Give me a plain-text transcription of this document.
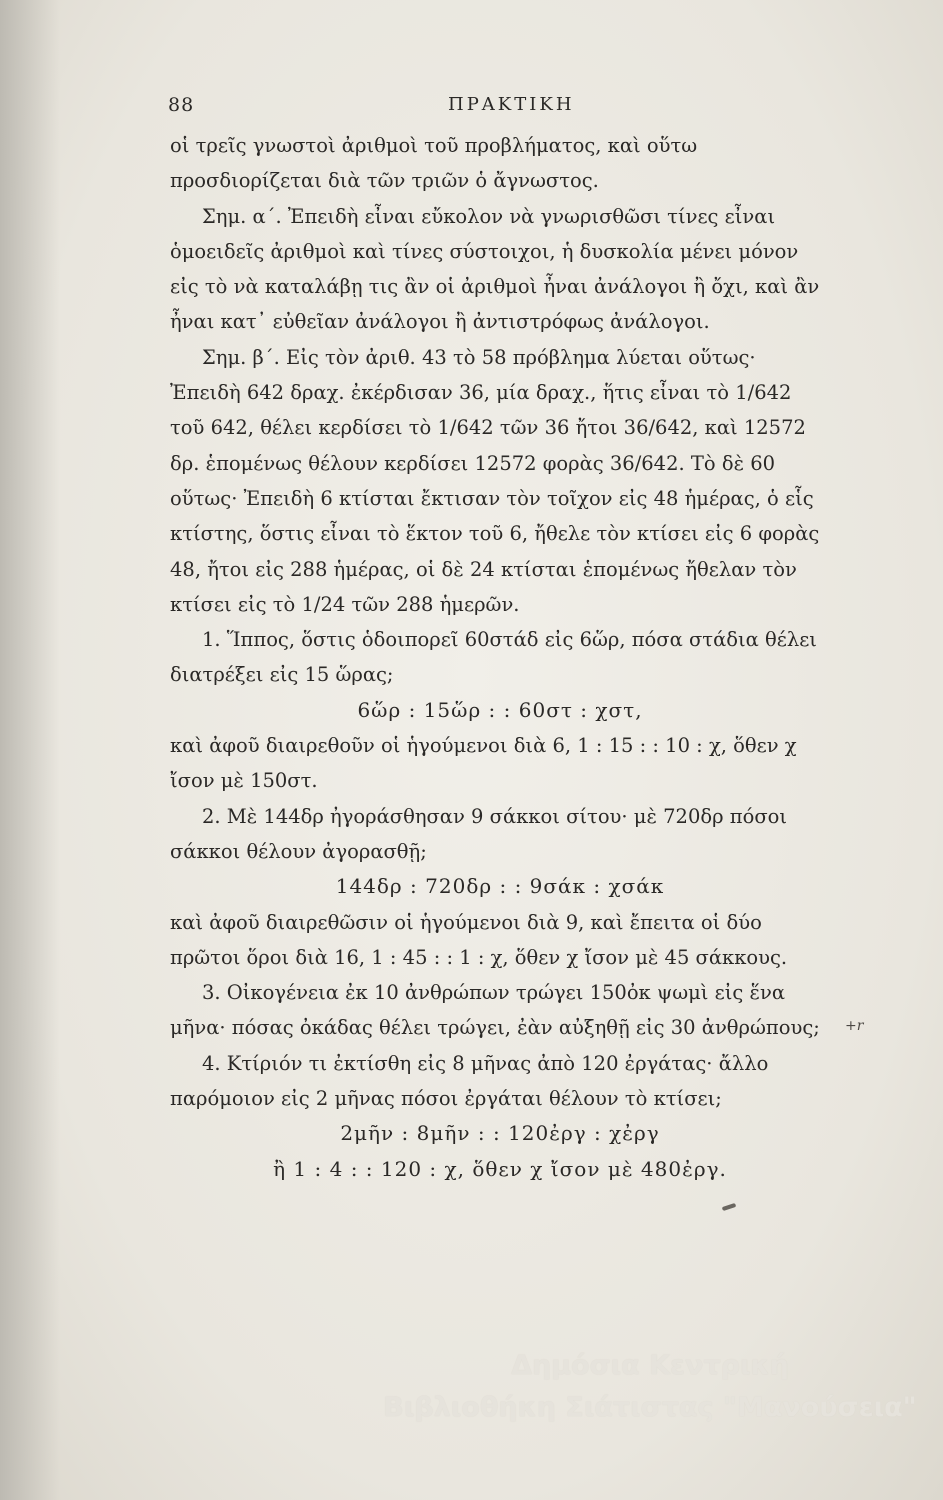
88	ΠΡΑΚΤΙΚΗ

οἱ τρεῖς γνωστοὶ ἀριθμοὶ τοῦ προβλήματος, καὶ οὕτω προσδιορίζεται διὰ τῶν τριῶν ὁ ἄγνωστος.

Σημ. α΄. Ἐπειδὴ εἶναι εὔκολον νὰ γνωρισθῶσι τίνες εἶναι ὁμοειδεῖς ἀριθμοὶ καὶ τίνες σύστοιχοι, ἡ δυσκολία μένει μόνον εἰς τὸ νὰ καταλάβῃ τις ἂν οἱ ἀριθμοὶ ἦναι ἀνάλογοι ἢ ὄχι, καὶ ἂν ἦναι κατ᾿ εὐθεῖαν ἀνάλογοι ἢ ἀντιστρόφως ἀνάλογοι.

Σημ. β΄. Εἰς τὸν ἀριθ. 43 τὸ 58 πρόβλημα λύεται οὕτως· Ἐπειδὴ 642 δραχ. ἐκέρδισαν 36, μία δραχ., ἥτις εἶναι τὸ 1/642 τοῦ 642, θέλει κερδίσει τὸ 1/642 τῶν 36 ἤτοι 36/642, καὶ 12572 δρ. ἑπομένως θέλουν κερδίσει 12572 φορὰς 36/642. Τὸ δὲ 60 οὕτως· Ἐπειδὴ 6 κτίσται ἔκτισαν τὸν τοῖχον εἰς 48 ἡμέρας, ὁ εἷς κτίστης, ὅστις εἶναι τὸ ἕκτον τοῦ 6, ἤθελε τὸν κτίσει εἰς 6 φορὰς 48, ἤτοι εἰς 288 ἡμέρας, οἱ δὲ 24 κτίσται ἑπομένως ἤθελαν τὸν κτίσει εἰς τὸ 1/24 τῶν 288 ἡμερῶν.

1. Ἵππος, ὅστις ὁδοιπορεῖ 60στάδ εἰς 6ὥρ, πόσα στάδια θέλει διατρέξει εἰς 15 ὥρας;

6ὥρ : 15ὥρ : : 60στ : χστ,

καὶ ἀφοῦ διαιρεθοῦν οἱ ἡγούμενοι διὰ 6, 1 : 15 : : 10 : χ, ὅθεν χ ἴσον μὲ 150στ.

2. Μὲ 144δρ ἠγοράσθησαν 9 σάκκοι σίτου· μὲ 720δρ πόσοι σάκκοι θέλουν ἀγορασθῇ;

144δρ : 720δρ : : 9σάκ : χσάκ

καὶ ἀφοῦ διαιρεθῶσιν οἱ ἡγούμενοι διὰ 9, καὶ ἔπειτα οἱ δύο πρῶτοι ὅροι διὰ 16, 1 : 45 : : 1 : χ, ὅθεν χ ἴσον μὲ 45 σάκκους.

3. Οἰκογένεια ἐκ 10 ἀνθρώπων τρώγει 150ὀκ ψωμὶ εἰς ἕνα μῆνα· πόσας ὀκάδας θέλει τρώγει, ἐὰν αὐξηθῇ εἰς 30 ἀνθρώπους;

4. Κτίριόν τι ἐκτίσθη εἰς 8 μῆνας ἀπὸ 120 ἐργάτας· ἄλλο παρόμοιον εἰς 2 μῆνας πόσοι ἐργάται θέλουν τὸ κτίσει;

2μῆν : 8μῆν : : 120ἐργ : χἐργ

ἢ 1 : 4 : : 120 : χ, ὅθεν χ ἴσον μὲ 480ἐργ.

+r
Δημόσια Κεντρική
Βιβλιοθήκη Σιάτιστας "Μανούσεια"
